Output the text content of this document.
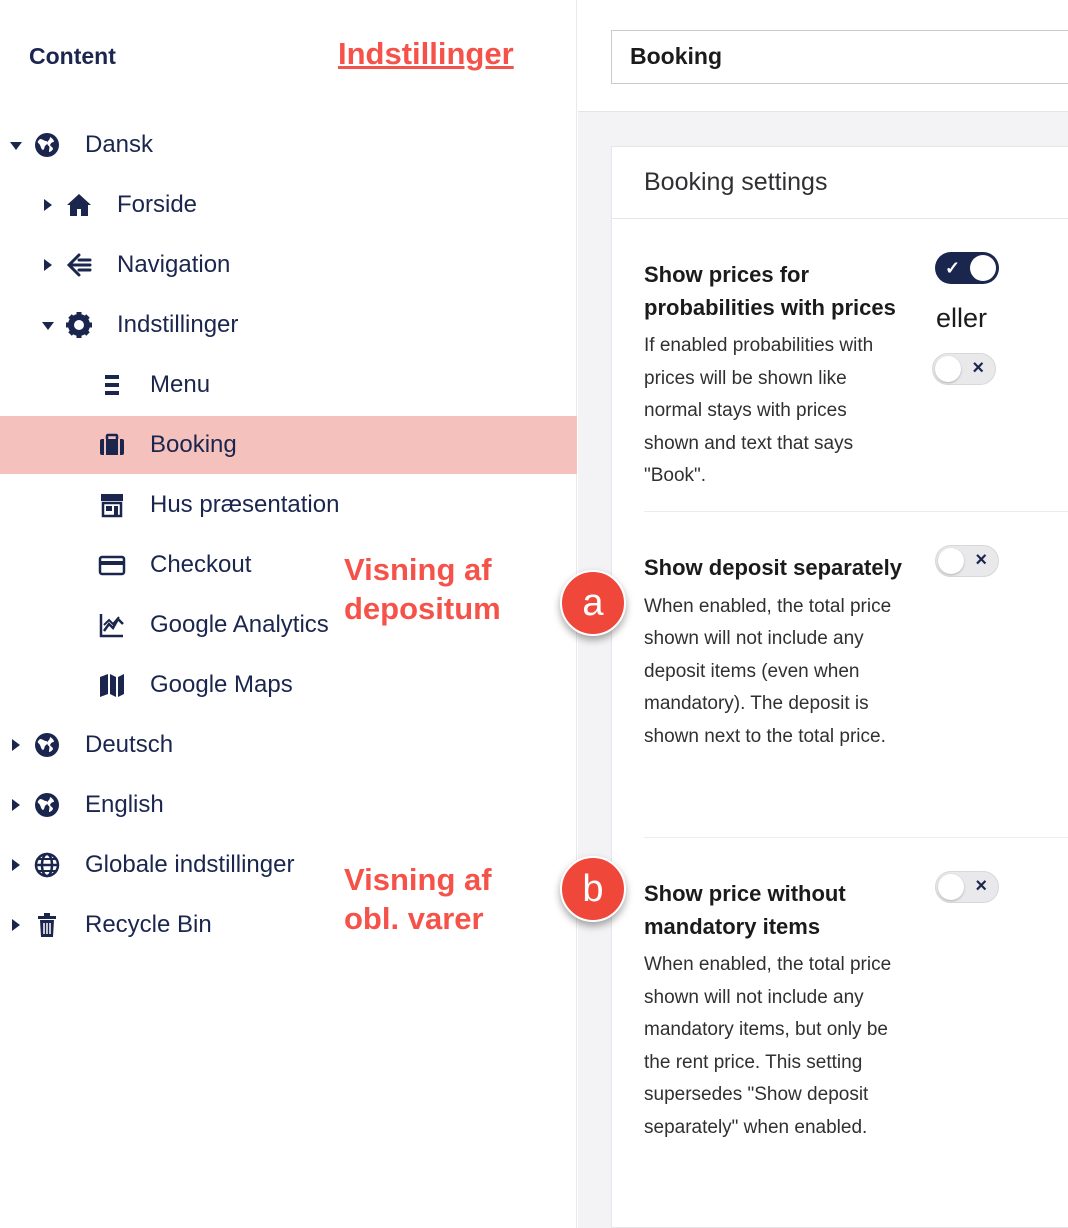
Content	Indstillinger
Dansk
Forside
Navigation
Indstillinger
Menu
Booking
Hus præsentation
Checkout
Google Analytics
Google Maps
Deutsch
English
Globale indstillinger
Recycle Bin
Visning af
depositum
Visning af
obl. varer
Booking
Booking settings
Show prices for probabilities with prices
If enabled probabilities with prices will be shown like normal stays with prices shown and text that says "Book".
✓
eller
×
Show deposit separately
When enabled, the total price shown will not include any deposit items (even when mandatory). The deposit is shown next to the total price.
×
Show price without mandatory items
When enabled, the total price shown will not include any mandatory items, but only be the rent price. This setting supersedes "Show deposit separately" when enabled.
×
a
b
